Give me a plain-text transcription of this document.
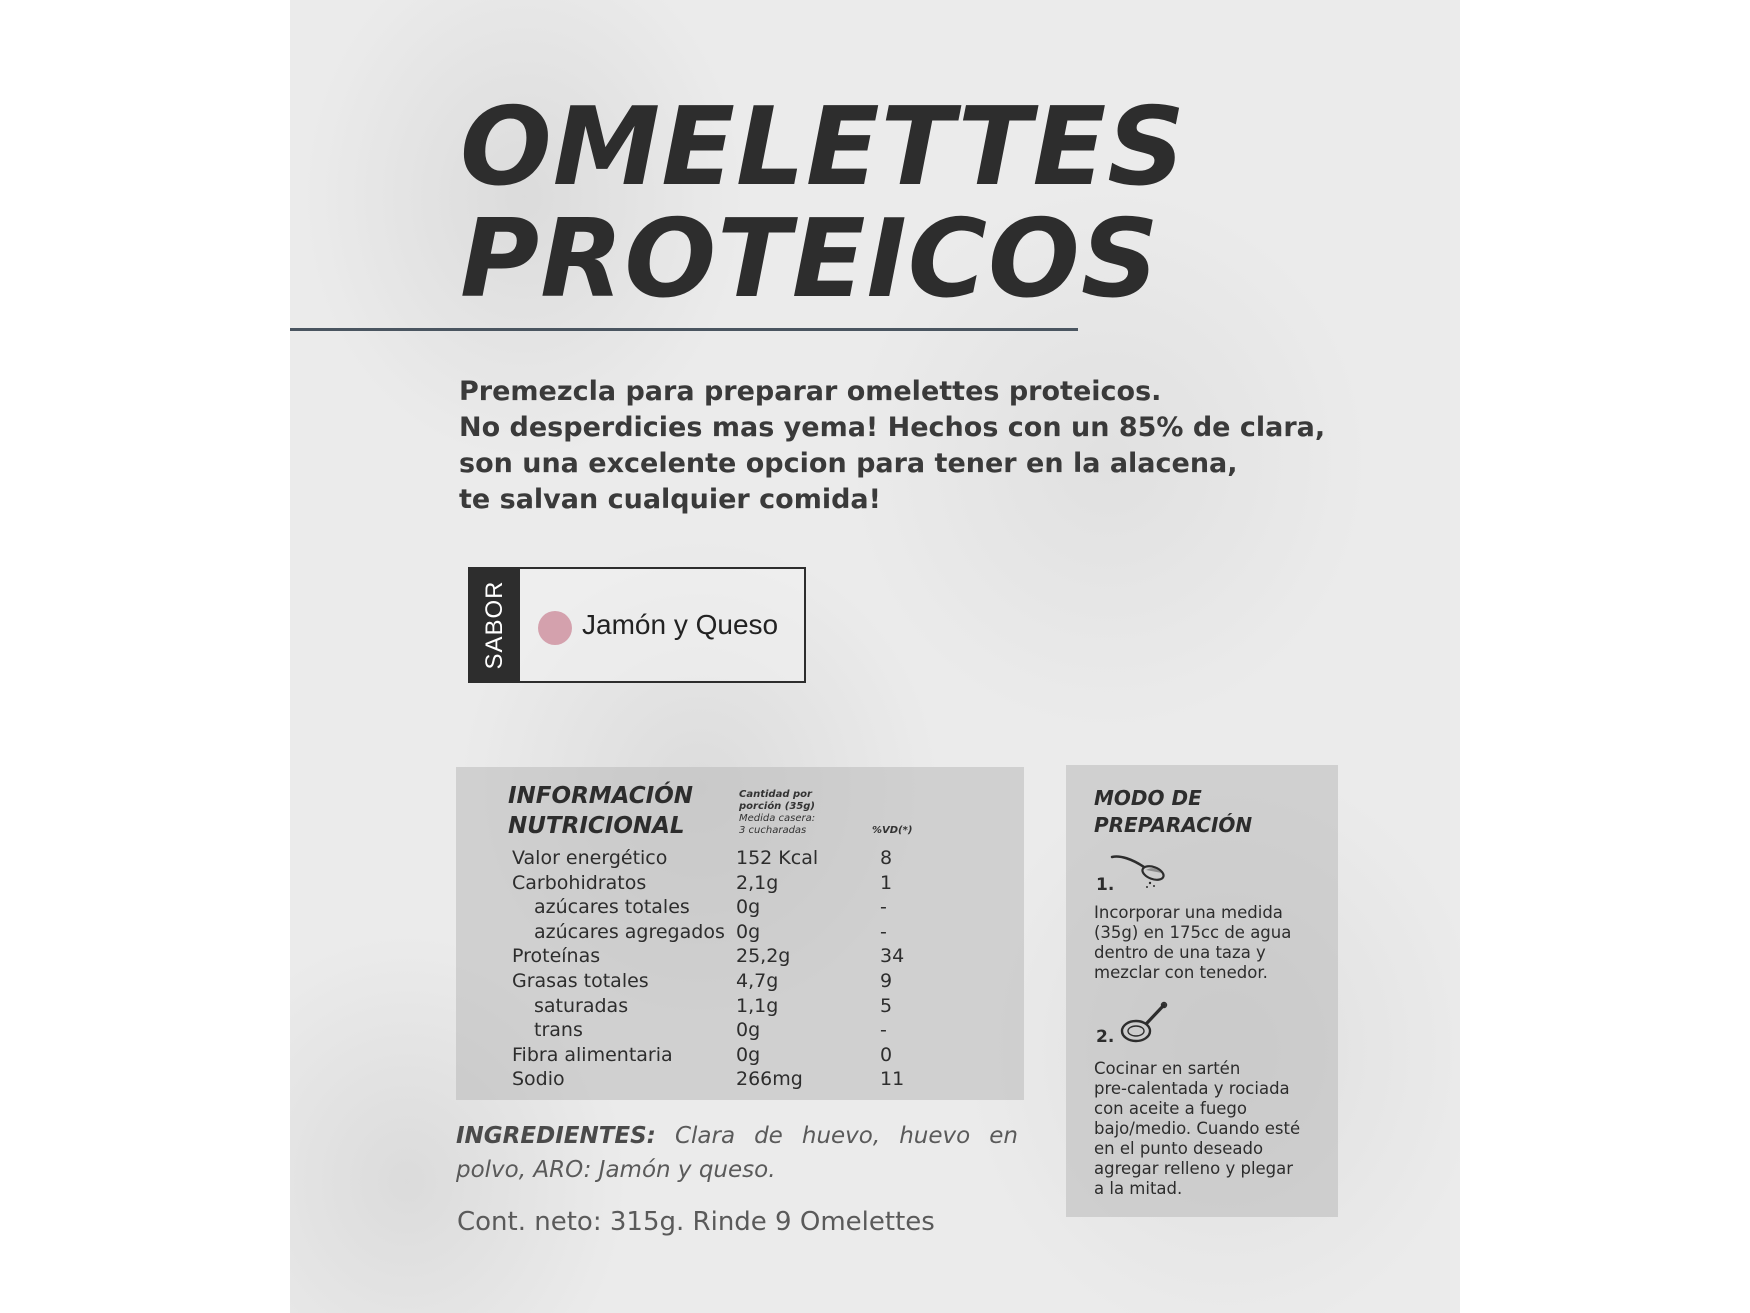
OMELETTES
PROTEICOS
Premezcla para preparar omelettes proteicos.
No desperdicies mas yema! Hechos con un 85% de clara,
son una excelente opcion para tener en la alacena,
te salvan cualquier comida!
SABOR	Jamón y Queso
INFORMACIÓN
NUTRICIONAL
Cantidad por
porción (35g)
Medida casera:
3 cucharadas	%VD(*)
Valor energético	152 Kcal	8
Carbohidratos	2,1g	1
azúcares totales 0g	-
azúcares agregados 0g	-
Proteínas	25,2g	34
Grasas totales	4,7g	9
saturadas	1,1g	5
trans	0g	-
Fibra alimentaria	0g	0
Sodio	266mg	11
INGREDIENTES: Clara de huevo, huevo en polvo, ARO: Jamón y queso.
Cont. neto: 315g. Rinde 9 Omelettes
MODO DE
PREPARACIÓN
1.
Incorporar una medida
(35g) en 175cc de agua
dentro de una taza y
mezclar con tenedor.
2.
Cocinar en sartén
pre-calentada y rociada
con aceite a fuego
bajo/medio. Cuando esté
en el punto deseado
agregar relleno y plegar
a la mitad.
